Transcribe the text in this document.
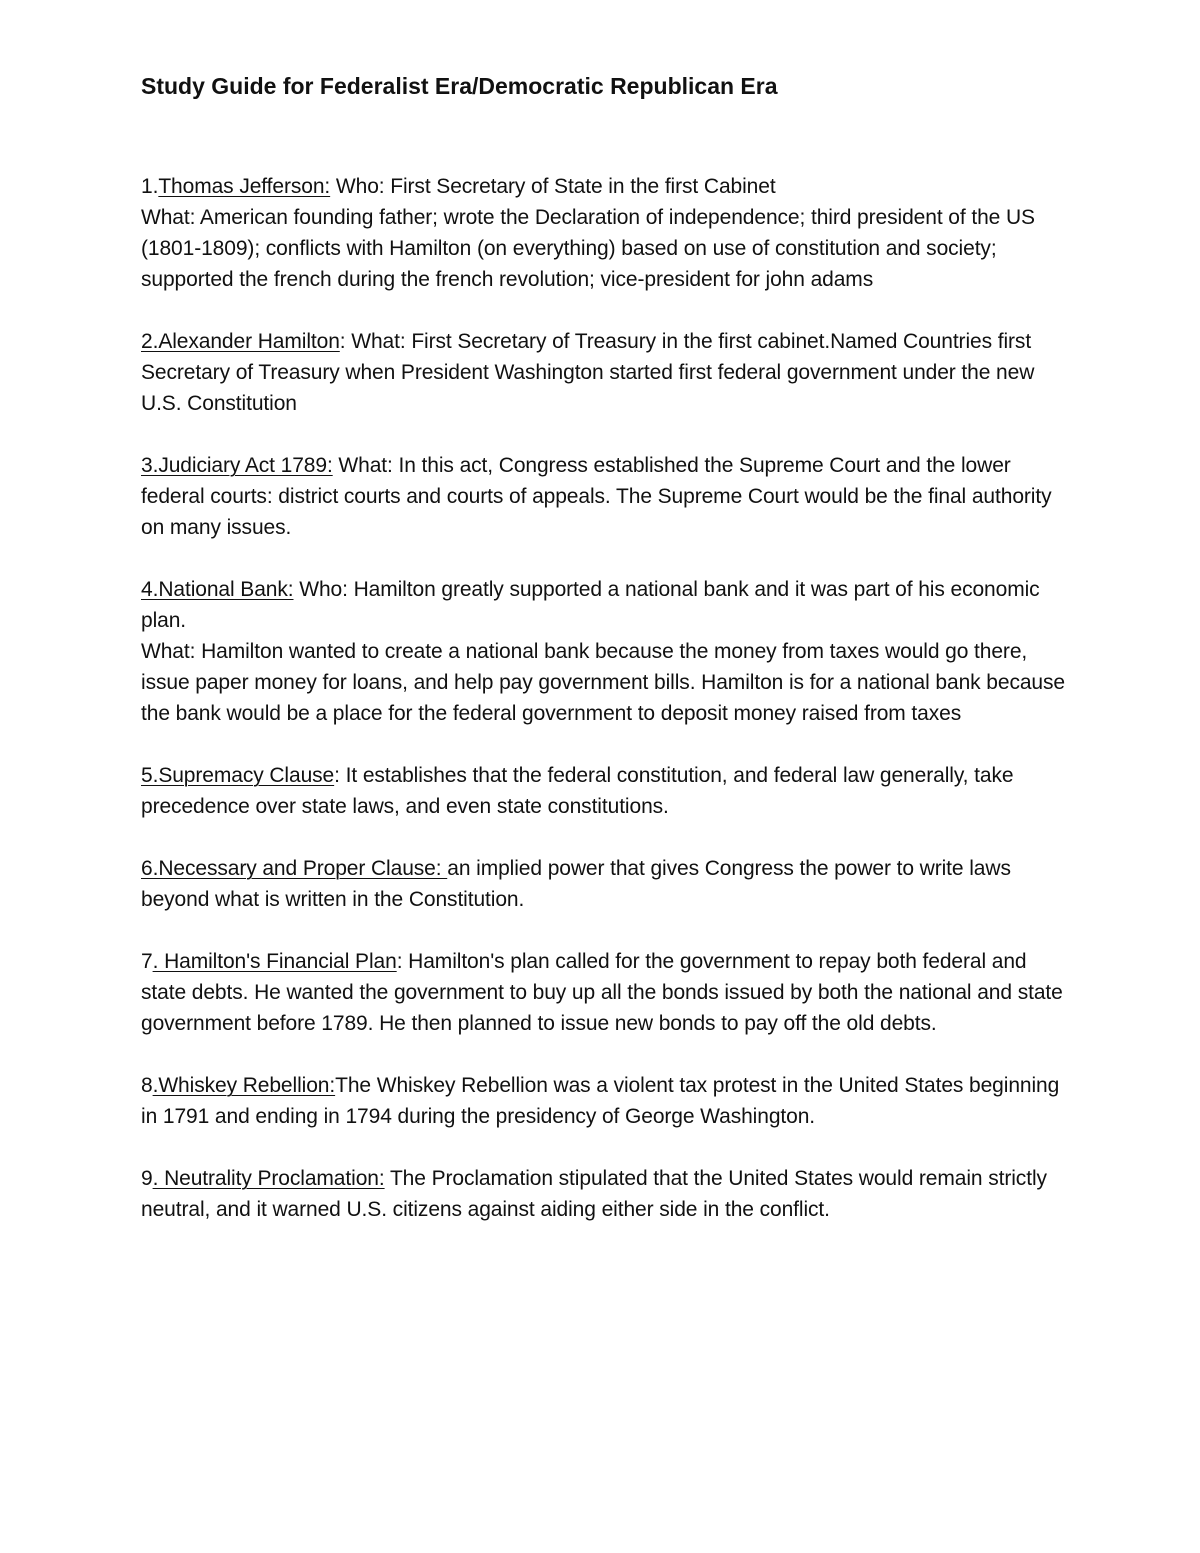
Study Guide for Federalist Era/Democratic Republican Era

1.Thomas Jefferson: Who: First Secretary of State in the first Cabinet

What: American founding father; wrote the Declaration of independence; third president of the US (1801-1809); conflicts with Hamilton (on everything) based on use of constitution and society; supported the french during the french revolution; vice-president for john adams

2.Alexander Hamilton: What: First Secretary of Treasury in the first cabinet.Named Countries first Secretary of Treasury when President Washington started first federal government under the new U.S. Constitution

3.Judiciary Act 1789: What: In this act, Congress established the Supreme Court and the lower federal courts: district courts and courts of appeals. The Supreme Court would be the final authority on many issues.

4.National Bank: Who: Hamilton greatly supported a national bank and it was part of his economic plan.

What: Hamilton wanted to create a national bank because the money from taxes would go there, issue paper money for loans, and help pay government bills. Hamilton is for a national bank because the bank would be a place for the federal government to deposit money raised from taxes

5.Supremacy Clause: It establishes that the federal constitution, and federal law generally, take precedence over state laws, and even state constitutions.

6.Necessary and Proper Clause: an implied power that gives Congress the power to write laws beyond what is written in the Constitution.

7. Hamilton's Financial Plan: Hamilton's plan called for the government to repay both federal and state debts. He wanted the government to buy up all the bonds issued by both the national and state government before 1789. He then planned to issue new bonds to pay off the old debts.

8.Whiskey Rebellion:The Whiskey Rebellion was a violent tax protest in the United States beginning in 1791 and ending in 1794 during the presidency of George Washington.

9. Neutrality Proclamation: The Proclamation stipulated that the United States would remain strictly neutral, and it warned U.S. citizens against aiding either side in the conflict.
